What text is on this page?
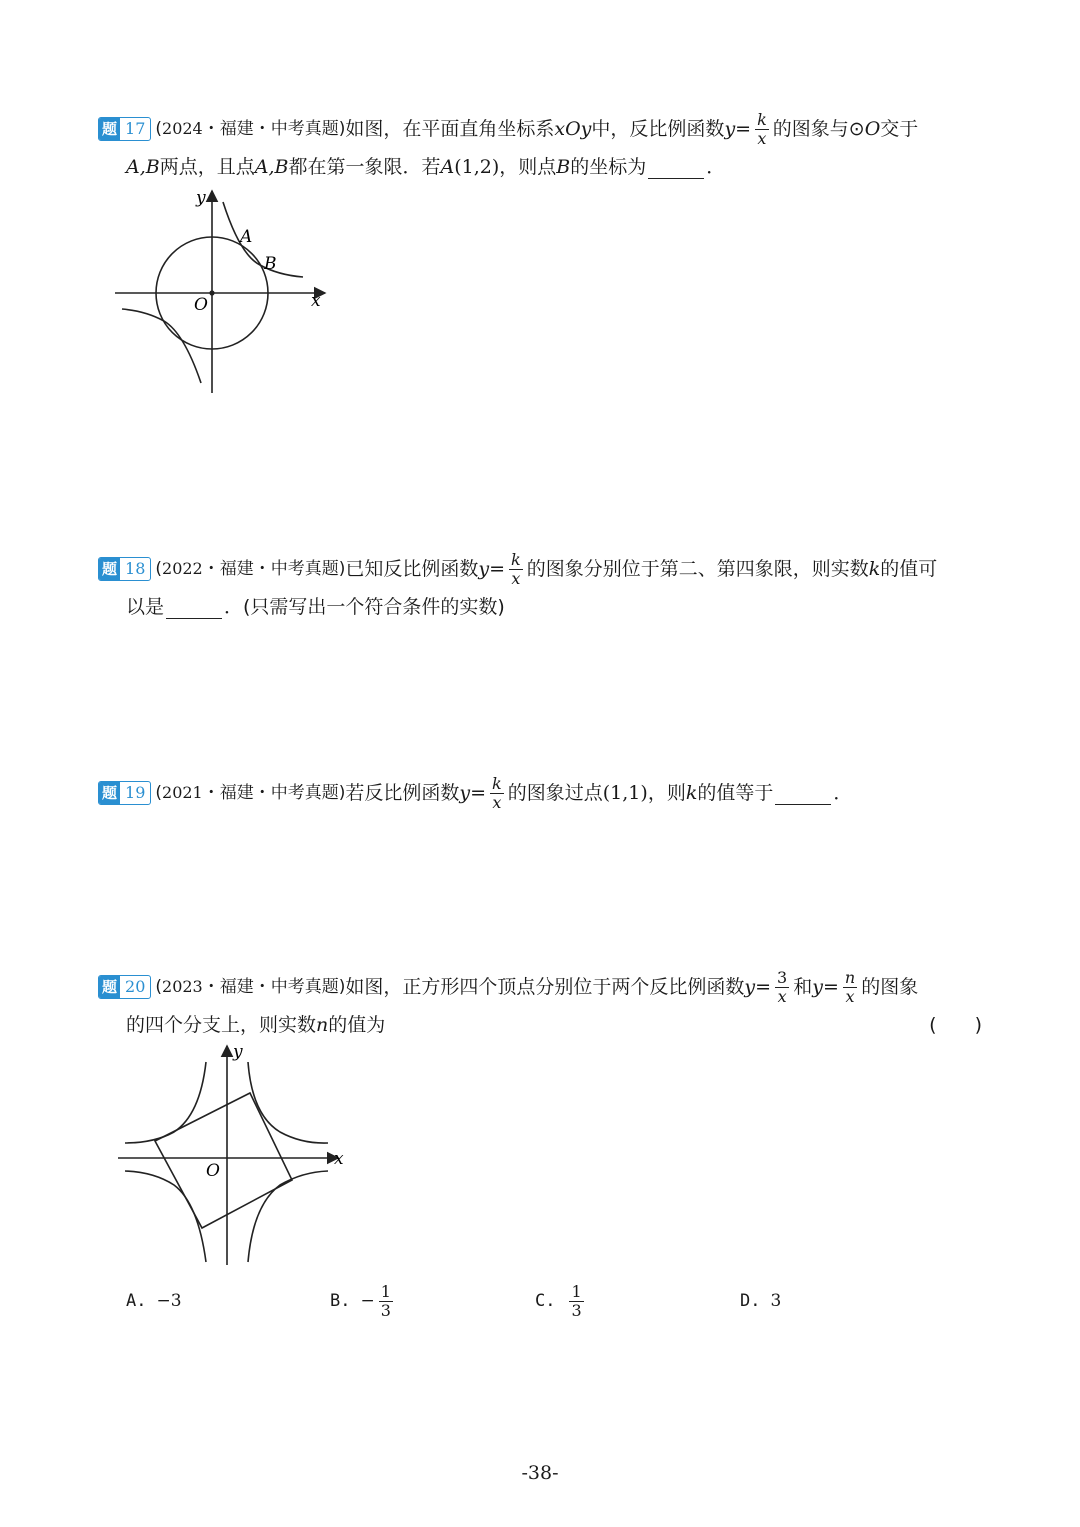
题 17 (2024・福建・中考真题) 如图，在平面直角坐标系 xOy 中，反比例函数 $y = \frac{k}{x}$ 的图象与⊙ O 交于
A,B 两点，且点 A,B 都在第一象限．若 A (1,2) ，则点 B 的坐标为	．
y
x
O
A
B
题 18 (2022・福建・中考真题) 已知反比例函数 $y = \frac{k}{x}$ 的图象分别位于第二、第四象限，则实数 k 的值可
以是	．(只需写出一个符合条件的实数)
题 19 (2021・福建・中考真题) 若反比例函数 $y = \frac{k}{x}$ 的图象过点 (1,1) ，则 k 的值等于	．
题 20 (2023・福建・中考真题) 如图，正方形四个顶点分别位于两个反比例函数 $y = \frac{3}{x}$ 和 $y = \frac{n}{x}$ 的图象
的四个分支上，则实数 n 的值为	(　　)
y
x
O
A. −3	B. − $\frac{1}{3}$	C. $\frac{1}{3}$	D. 3
-38-
